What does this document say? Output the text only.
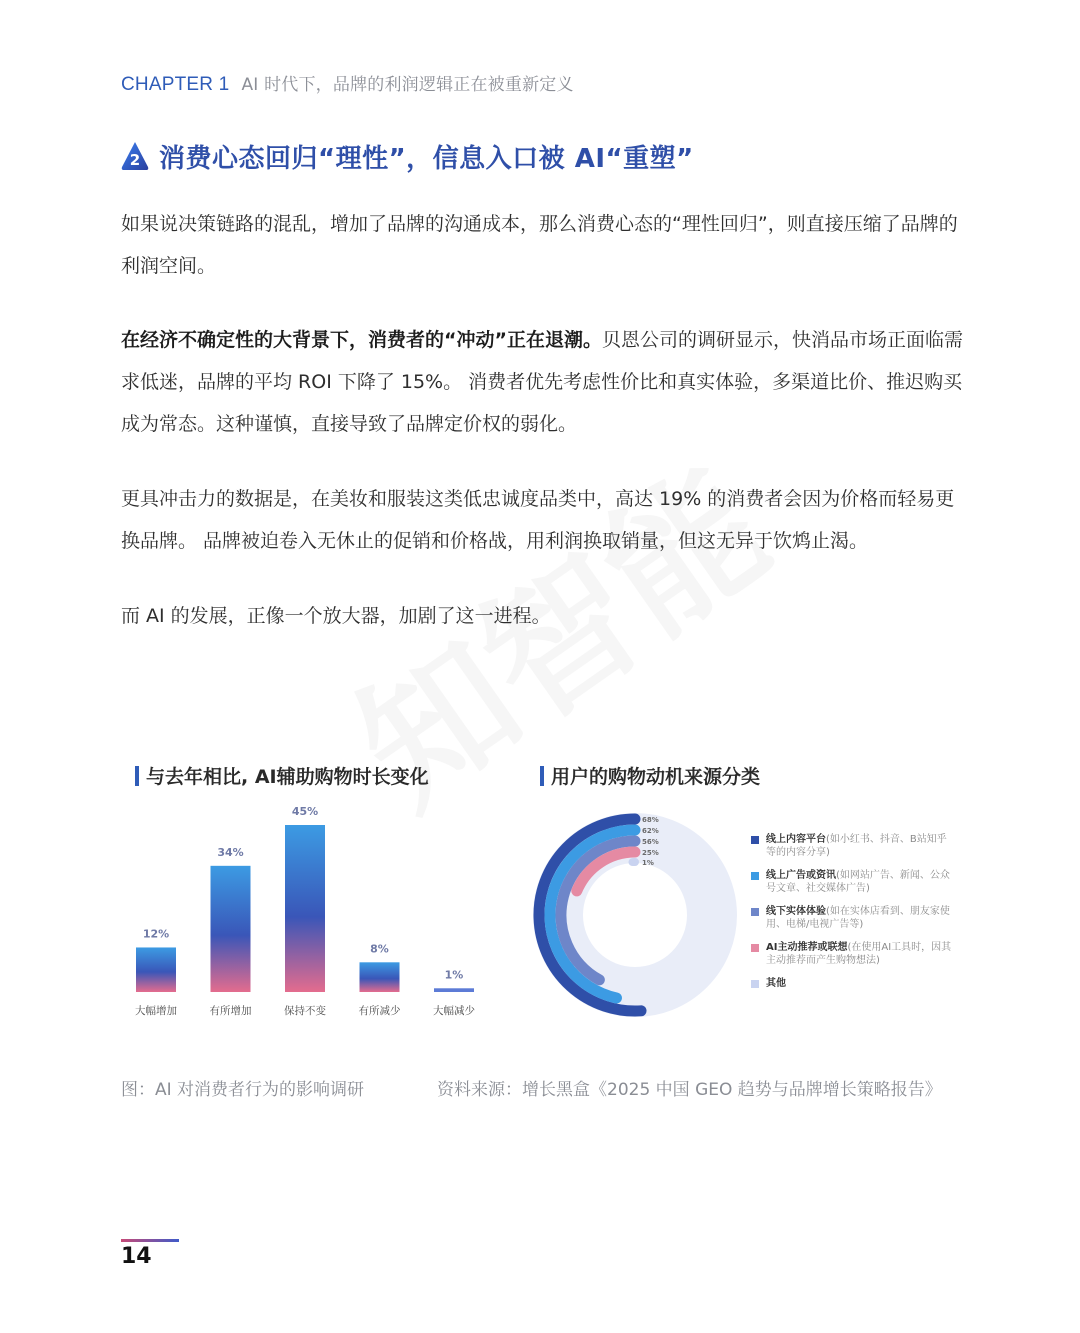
CHAPTER 1 AI 时代下，品牌的利润逻辑正在被重新定义
2 消费心态回归“理性”，信息入口被 AI“重塑”
如果说决策链路的混乱，增加了品牌的沟通成本，那么消费心态的“理性回归”，则直接压缩了品牌的利润空间。
在经济不确定性的大背景下，消费者的“冲动”正在退潮。贝恩公司的调研显示，快消品市场正面临需求低迷，品牌的平均 ROI 下降了 15%。 消费者优先考虑性价比和真实体验，多渠道比价、推迟购买成为常态。这种谨慎，直接导致了品牌定价权的弱化。
更具冲击力的数据是，在美妆和服装这类低忠诚度品类中，高达 19% 的消费者会因为价格而轻易更换品牌。 品牌被迫卷入无休止的促销和价格战，用利润换取销量，但这无异于饮鸩止渴。
而 AI 的发展，正像一个放大器，加剧了这一进程。
与去年相比, AI辅助购物时长变化
12%
大幅增加
34%
有所增加
45%
保持不变
8%
有所减少
1%
大幅减少
用户的购物动机来源分类
68%
62%
56%
25%
1%
线上内容平台(如小红书、抖音、B站知乎等的内容分享)
线上广告或资讯(如网站广告、新闻、公众号文章、社交媒体广告)
线下实体体验(如在实体店看到、朋友家使用、电梯/电视广告等)
AI主动推荐或联想(在使用AI工具时，因其主动推荐而产生购物想法)
其他
图：AI 对消费者行为的影响调研	资料来源：增长黑盒《2025 中国 GEO 趋势与品牌增长策略报告》
14
